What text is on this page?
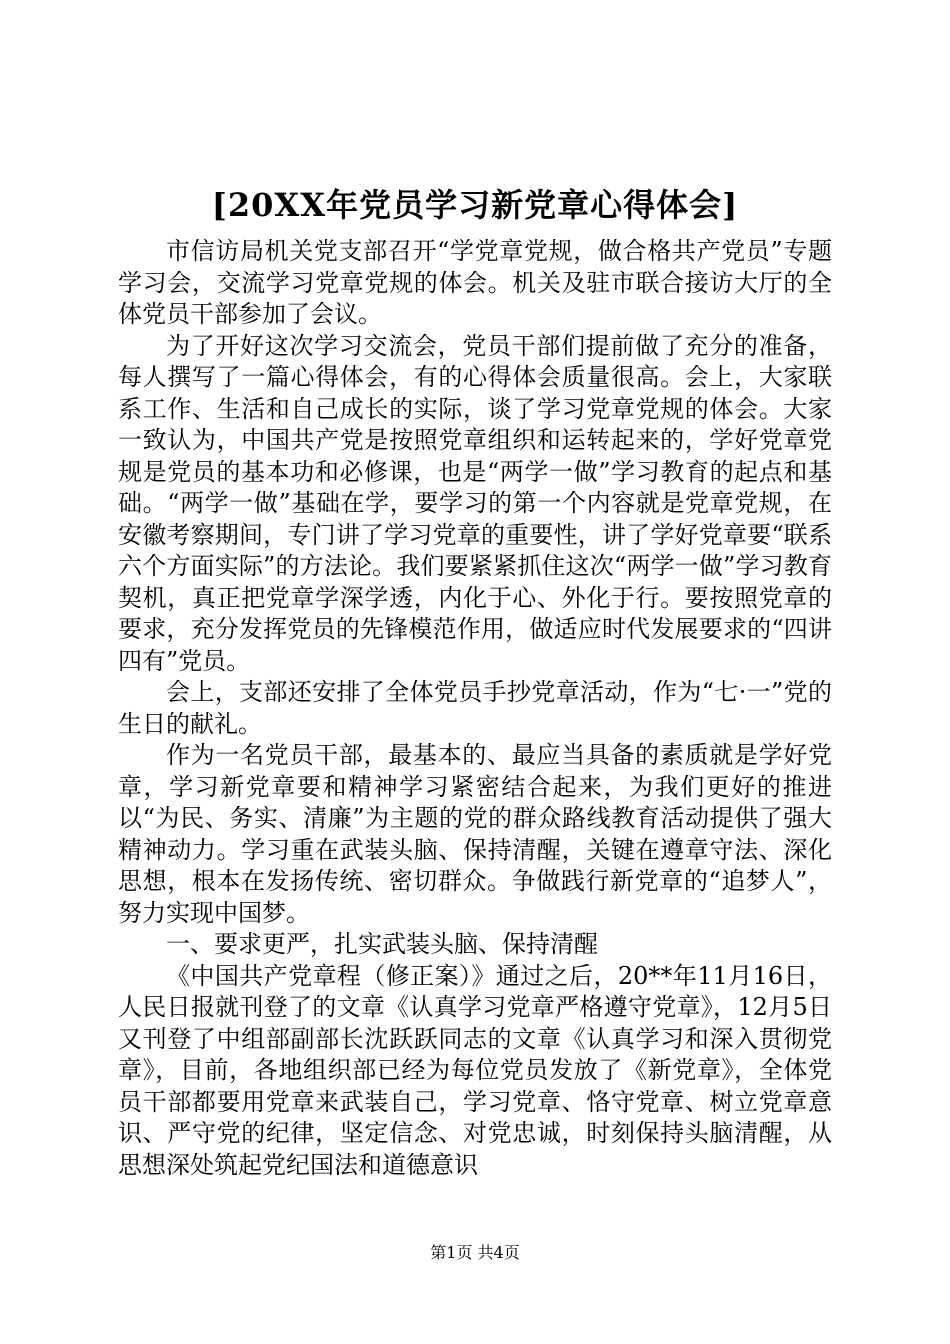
[20XX年党员学习新党章心得体会]

市信访局机关党支部召开“学党章党规，做合格共产党员”专题学习会，交流学习党章党规的体会。机关及驻市联合接访大厅的全体党员干部参加了会议。

为了开好这次学习交流会，党员干部们提前做了充分的准备，每人撰写了一篇心得体会，有的心得体会质量很高。会上，大家联系工作、生活和自己成长的实际，谈了学习党章党规的体会。大家一致认为，中国共产党是按照党章组织和运转起来的，学好党章党规是党员的基本功和必修课，也是“两学一做”学习教育的起点和基础。“两学一做”基础在学，要学习的第一个内容就是党章党规，在安徽考察期间，专门讲了学习党章的重要性，讲了学好党章要“联系六个方面实际”的方法论。我们要紧紧抓住这次“两学一做”学习教育契机，真正把党章学深学透，内化于心、外化于行。要按照党章的要求，充分发挥党员的先锋模范作用，做适应时代发展要求的“四讲四有”党员。

会上，支部还安排了全体党员手抄党章活动，作为“七·一”党的生日的献礼。

作为一名党员干部，最基本的、最应当具备的素质就是学好党章，学习新党章要和精神学习紧密结合起来，为我们更好的推进以“为民、务实、清廉”为主题的党的群众路线教育活动提供了强大精神动力。学习重在武装头脑、保持清醒，关键在遵章守法、深化思想，根本在发扬传统、密切群众。争做践行新党章的“追梦人”，努力实现中国梦。

一、要求更严，扎实武装头脑、保持清醒

《中国共产党章程（修正案）》通过之后，20**年11月16日，人民日报就刊登了的文章《认真学习党章严格遵守党章》，12月5日又刊登了中组部副部长沈跃跃同志的文章《认真学习和深入贯彻党章》，目前，各地组织部已经为每位党员发放了《新党章》，全体党员干部都要用党章来武装自己，学习党章、恪守党章、树立党章意识、严守党的纪律，坚定信念、对党忠诚，时刻保持头脑清醒，从思想深处筑起党纪国法和道德意识

第1页 共4页
